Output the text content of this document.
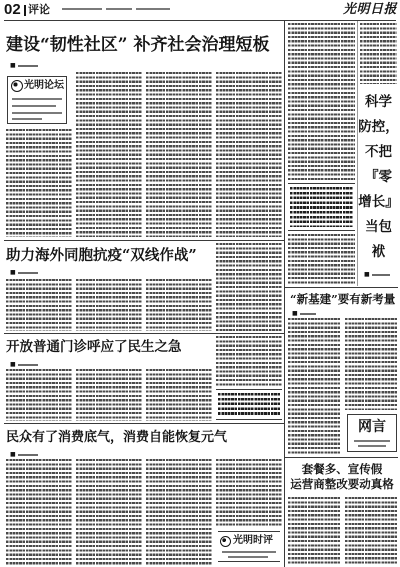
02 评论	光明日报
建设“韧性社区” 补齐社会治理短板
■
光明论坛
助力海外同胞抗疫“双线作战”
■
开放普通门诊呼应了民生之急
■
民众有了消费底气，消费自能恢复元气
■
光明时评
科学
防控，
不把
『零
增长』
当包
袱
■
“新基建”要有新考量
■
网言
套餐多、宣传假
运营商整改要动真格
